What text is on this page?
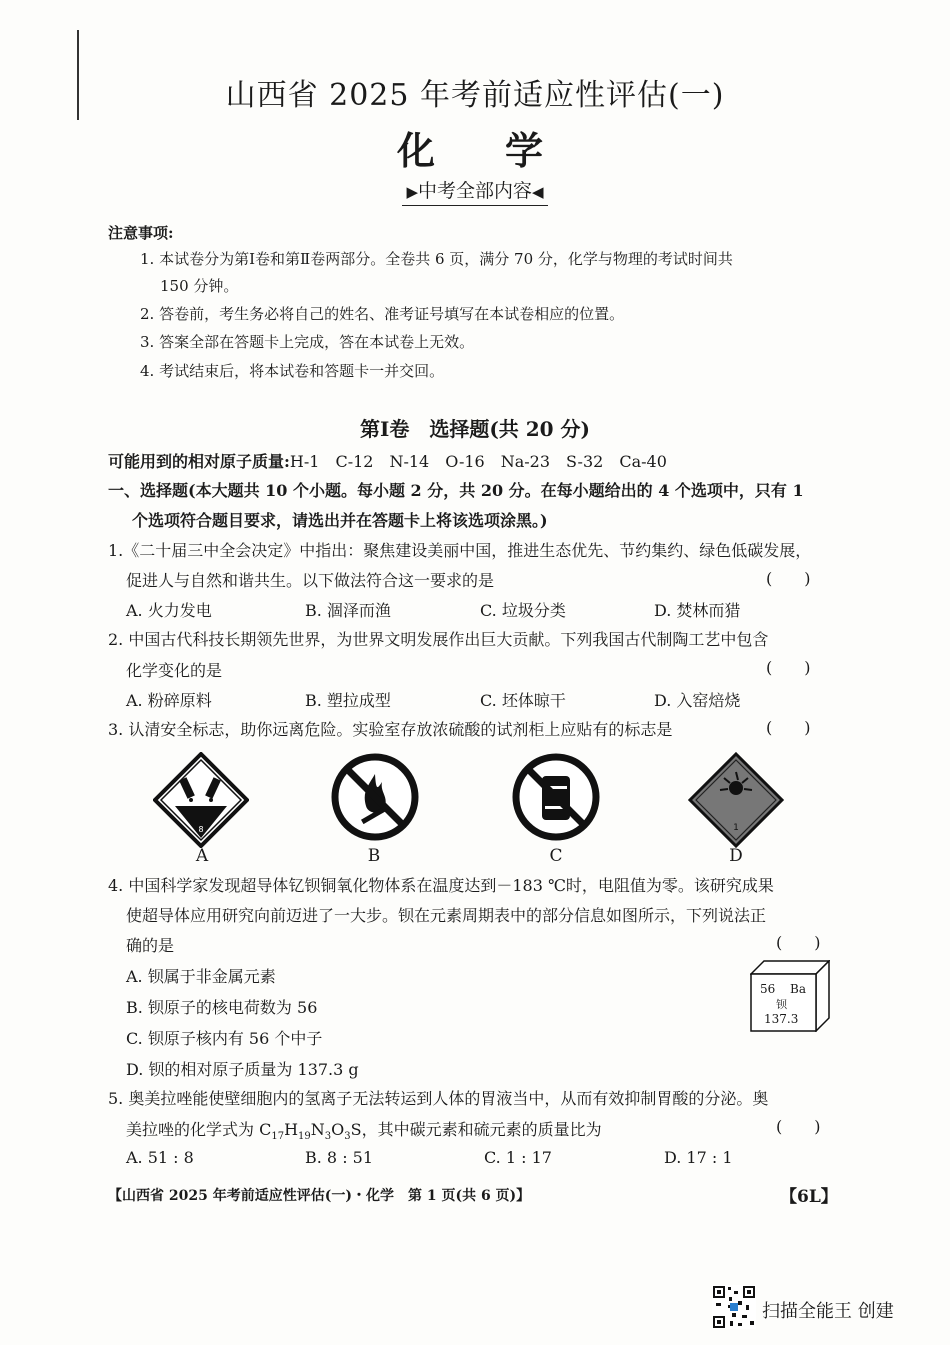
山西省 2025 年考前适应性评估(一)
化学
▶中考全部内容◀
注意事项:
1. 本试卷分为第Ⅰ卷和第Ⅱ卷两部分。全卷共 6 页，满分 70 分，化学与物理的考试时间共
150 分钟。
2. 答卷前，考生务必将自己的姓名、准考证号填写在本试卷相应的位置。
3. 答案全部在答题卡上完成，答在本试卷上无效。
4. 考试结束后，将本试卷和答题卡一并交回。
第Ⅰ卷　选择题(共 20 分)
可能用到的相对原子质量:H-1　C-12　N-14　O-16　Na-23　S-32　Ca-40
一、选择题(本大题共 10 个小题。每小题 2 分，共 20 分。在每小题给出的 4 个选项中，只有 1
个选项符合题目要求，请选出并在答题卡上将该选项涂黑。)
1.《二十届三中全会决定》中指出：聚焦建设美丽中国，推进生态优先、节约集约、绿色低碳发展，
促进人与自然和谐共生。以下做法符合这一要求的是	(　　)
A. 火力发电	B. 涸泽而渔	C. 垃圾分类	D. 焚林而猎
2. 中国古代科技长期领先世界，为世界文明发展作出巨大贡献。下列我国古代制陶工艺中包含
化学变化的是	(　　)
A. 粉碎原料	B. 塑拉成型	C. 坯体晾干	D. 入窑焙烧
3. 认清安全标志，助你远离危险。实验室存放浓硫酸的试剂柜上应贴有的标志是	(　　)
8	1
A	B	C	D
4. 中国科学家发现超导体钇钡铜氧化物体系在温度达到－183 ℃时，电阻值为零。该研究成果
使超导体应用研究向前迈进了一大步。钡在元素周期表中的部分信息如图所示，下列说法正
确的是	(　　)
A. 钡属于非金属元素
B. 钡原子的核电荷数为 56
C. 钡原子核内有 56 个中子
D. 钡的相对原子质量为 137.3 g
56 Ba
钡
137.3
5. 奥美拉唑能使壁细胞内的氢离子无法转运到人体的胃液当中，从而有效抑制胃酸的分泌。奥
美拉唑的化学式为 $C_{17}H_{19}N_3O_3S$，其中碳元素和硫元素的质量比为	(　　)
A. 51 : 8	B. 8 : 51	C. 1 : 17	D. 17 : 1
【山西省 2025 年考前适应性评估(一)・化学　第 1 页(共 6 页)】	【6L】
扫描全能王 创建
